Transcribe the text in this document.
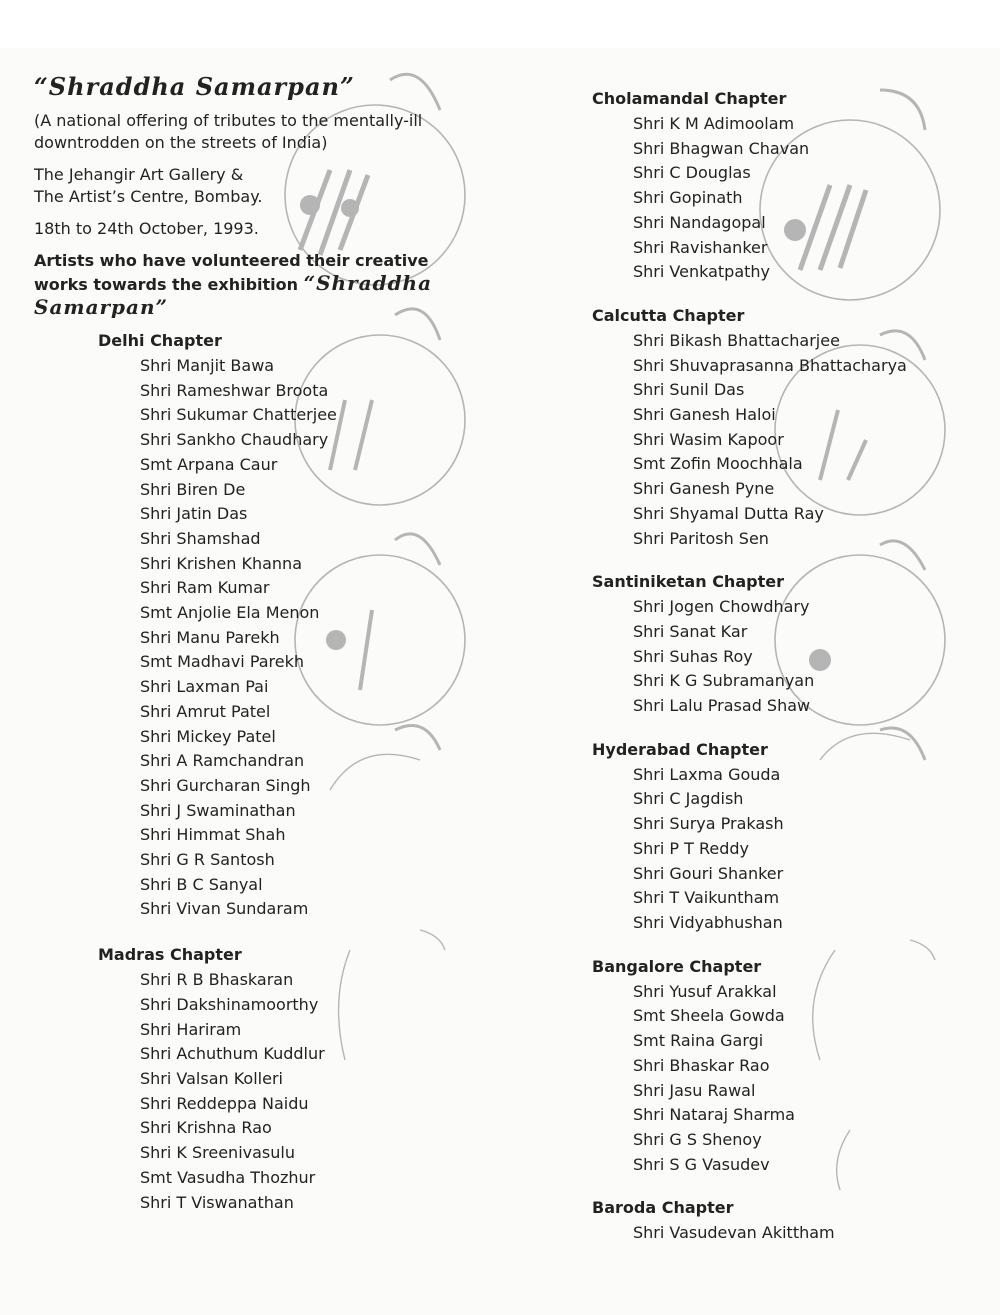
“Shraddha Samarpan”

(A national offering of tributes to the mentally-ill

downtrodden on the streets of India)

The Jehangir Art Gallery &

The Artist’s Centre, Bombay.

18th to 24th October, 1993.

Artists who have volunteered their creative works towards the exhibition “Shraddha Samarpan”
Delhi Chapter
Shri Manjit Bawa
Shri Rameshwar Broota
Shri Sukumar Chatterjee
Shri Sankho Chaudhary
Smt Arpana Caur
Shri Biren De
Shri Jatin Das
Shri Shamshad
Shri Krishen Khanna
Shri Ram Kumar
Smt Anjolie Ela Menon
Shri Manu Parekh
Smt Madhavi Parekh
Shri Laxman Pai
Shri Amrut Patel
Shri Mickey Patel
Shri A Ramchandran
Shri Gurcharan Singh
Shri J Swaminathan
Shri Himmat Shah
Shri G R Santosh
Shri B C Sanyal
Shri Vivan Sundaram
Madras Chapter
Shri R B Bhaskaran
Shri Dakshinamoorthy
Shri Hariram
Shri Achuthum Kuddlur
Shri Valsan Kolleri
Shri Reddeppa Naidu
Shri Krishna Rao
Shri K Sreenivasulu
Smt Vasudha Thozhur
Shri T Viswanathan
Cholamandal Chapter
Shri K M Adimoolam
Shri Bhagwan Chavan
Shri C Douglas
Shri Gopinath
Shri Nandagopal
Shri Ravishanker
Shri Venkatpathy
Calcutta Chapter
Shri Bikash Bhattacharjee
Shri Shuvaprasanna Bhattacharya
Shri Sunil Das
Shri Ganesh Haloi
Shri Wasim Kapoor
Smt Zofin Moochhala
Shri Ganesh Pyne
Shri Shyamal Dutta Ray
Shri Paritosh Sen
Santiniketan Chapter
Shri Jogen Chowdhary
Shri Sanat Kar
Shri Suhas Roy
Shri K G Subramanyan
Shri Lalu Prasad Shaw
Hyderabad Chapter
Shri Laxma Gouda
Shri C Jagdish
Shri Surya Prakash
Shri P T Reddy
Shri Gouri Shanker
Shri T Vaikuntham
Shri Vidyabhushan
Bangalore Chapter
Shri Yusuf Arakkal
Smt Sheela Gowda
Smt Raina Gargi
Shri Bhaskar Rao
Shri Jasu Rawal
Shri Nataraj Sharma
Shri G S Shenoy
Shri S G Vasudev
Baroda Chapter
Shri Vasudevan Akittham
